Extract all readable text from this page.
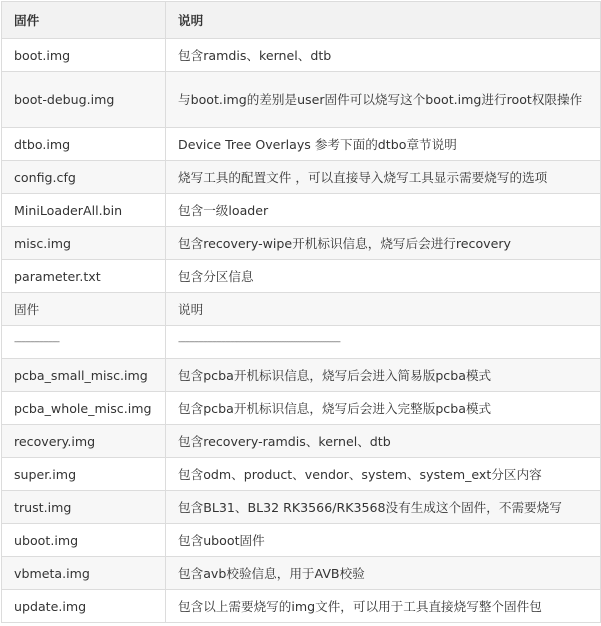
固件	说明
boot.img	包含ramdis、kernel、dtb
boot-debug.img	与boot.img的差别是user固件可以烧写这个boot.img进行root权限操作
dtbo.img	Device Tree Overlays 参考下面的dtbo章节说明
config.cfg	烧写工具的配置文件 ，可以直接导入烧写工具显示需要烧写的选项
MiniLoaderAll.bin	包含一级loader
misc.img	包含recovery-wipe开机标识信息，烧写后会进行recovery
parameter.txt	包含分区信息
固件	说明
--------------------	------------------------------------------------------------------------
pcba_small_misc.img	包含pcba开机标识信息，烧写后会进入简易版pcba模式
pcba_whole_misc.img	包含pcba开机标识信息，烧写后会进入完整版pcba模式
recovery.img	包含recovery-ramdis、kernel、dtb
super.img	包含odm、product、vendor、system、system_ext分区内容
trust.img	包含BL31、BL32 RK3566/RK3568没有生成这个固件，不需要烧写
uboot.img	包含uboot固件
vbmeta.img	包含avb校验信息，用于AVB校验
update.img	包含以上需要烧写的img文件，可以用于工具直接烧写整个固件包
